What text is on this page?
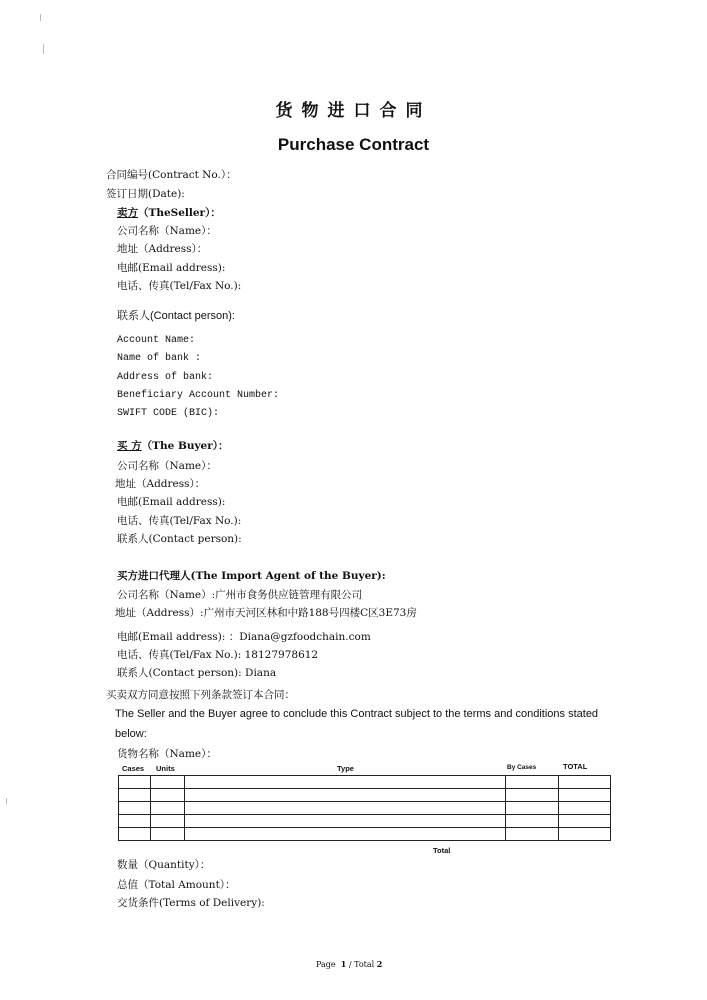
货物进口合同
Purchase Contract
合同编号(Contract No.）：
签订日期(Date):
卖方（TheSeller）：
公司名称（Name）：
地址（Address）：
电邮(Email address):
电话、传真(Tel/Fax No.):
联系人(Contact person):
Account Name:
Name of bank :
Address of bank:
Beneficiary Account Number:
SWIFT CODE (BIC):
买 方（The Buyer）：
公司名称（Name）：
地址（Address）：
电邮(Email address):
电话、传真(Tel/Fax No.):
联系人(Contact person):
买方进口代理人(The Import Agent of the Buyer):
公司名称（Name）:广州市食务供应链管理有限公司
地址（Address）:广州市天河区林和中路188号四楼C区3E73房
电邮(Email address): ：Diana@gzfoodchain.com
电话、传真(Tel/Fax No.): 18127978612
联系人(Contact person): Diana
买卖双方同意按照下列条款签订本合同：
The Seller and the Buyer agree to conclude this Contract subject to the terms and conditions stated
below:
货物名称（Name）：
Cases Units	Type	By Cases	TOTAL

Total
数量（Quantity）：
总值（Total Amount）：
交货条件(Terms of Delivery):
Page 1 / Total 2
